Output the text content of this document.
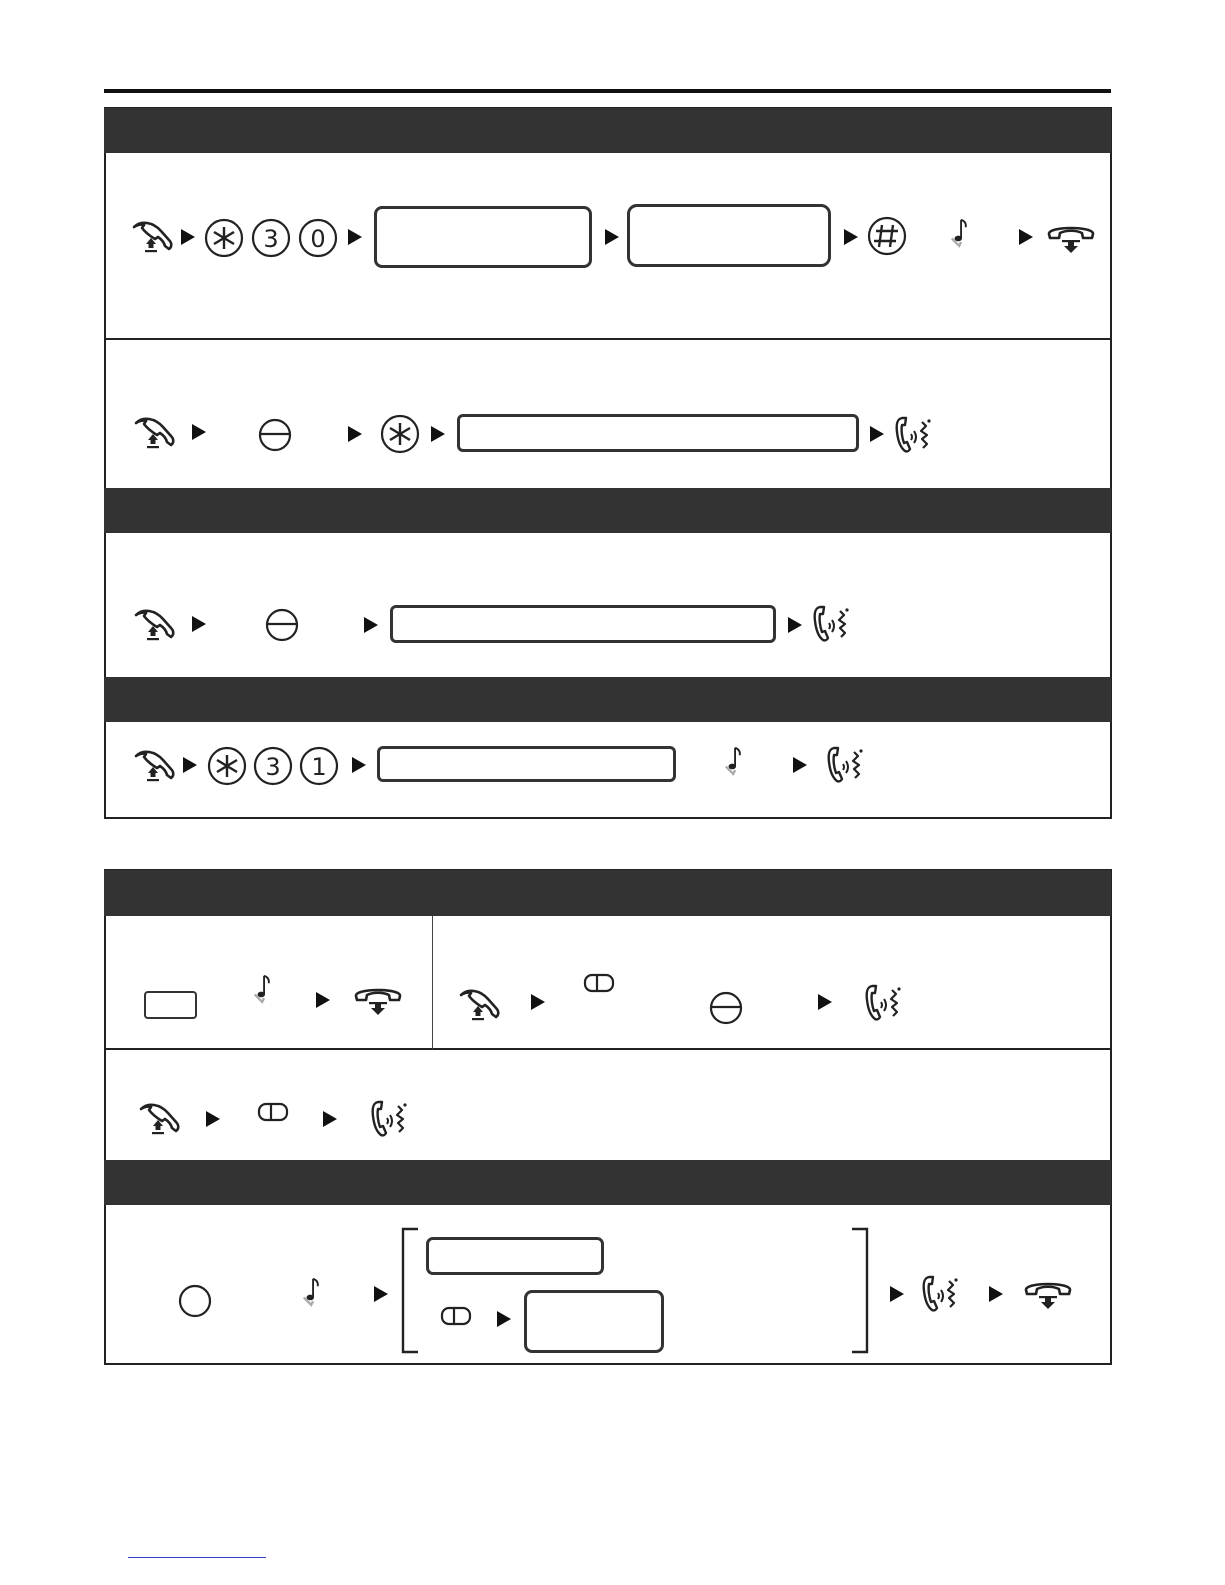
3 0
3 1
